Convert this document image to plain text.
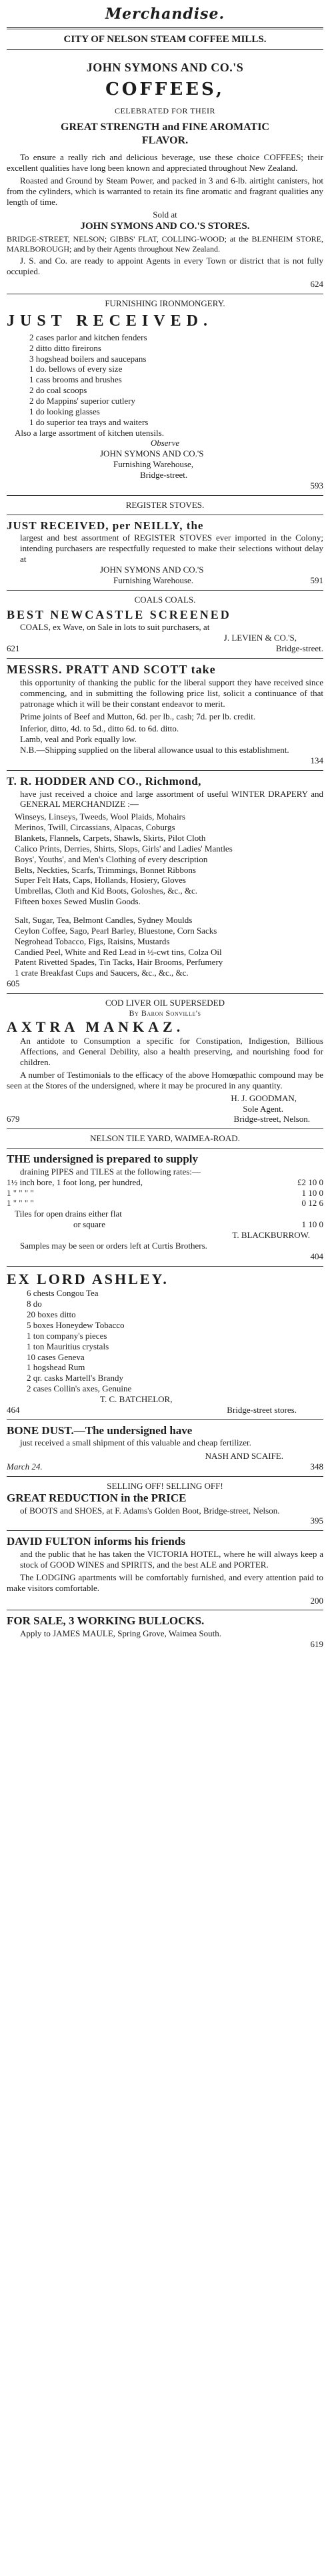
Merchandise.
CITY OF NELSON STEAM COFFEE MILLS.
JOHN SYMONS AND CO.'S
COFFEES,
CELEBRATED FOR THEIR
GREAT STRENGTH and FINE AROMATIC
FLAVOR.
To ensure a really rich and delicious beverage, use these choice COFFEES; their excellent qualities have long been known and appreciated throughout New Zealand.
Roasted and Ground by Steam Power, and packed in 3 and 6-lb. airtight canisters, hot from the cylinders, which is warranted to retain its fine aromatic and fragrant qualities any length of time.
Sold at
JOHN SYMONS AND CO.'S STORES.
BRIDGE-STREET, NELSON; GIBBS' FLAT, COLLING-WOOD; at the BLENHEIM STORE, MARLBOROUGH; and by their Agents throughout New Zealand.
J. S. and Co. are ready to appoint Agents in every Town or district that is not fully occupied.
624
FURNISHING IRONMONGERY.
JUST RECEIVED.
2 cases parlor and kitchen fenders
2 ditto ditto fireirons
3 hogshead boilers and saucepans
1 do. bellows of every size
1 cass brooms and brushes
2 do coal scoops
2 do Mappins' superior cutlery
1 do looking glasses
1 do superior tea trays and waiters
Also a large assortment of kitchen utensils.
Observe
JOHN SYMONS AND CO.'S
Furnishing Warehouse,
Bridge-street.
593
REGISTER STOVES.
JUST RECEIVED, per NEILLY, the
largest and best assortment of REGISTER STOVES ever imported in the Colony; intending purchasers are respectfully requested to make their selections without delay at
JOHN SYMONS AND CO.'S
Furnishing Warehouse.	591
COALS COALS.
BEST NEWCASTLE SCREENED
COALS, ex Wave, on Sale in lots to suit purchasers, at
J. LEVIEN & CO.'S,
621	Bridge-street.
MESSRS. PRATT AND SCOTT take
this opportunity of thanking the public for the liberal support they have received since commencing, and in submitting the following price list, solicit a continuance of that patronage which it will be their constant endeavor to merit.
Prime joints of Beef and Mutton, 6d. per lb., cash; 7d. per lb. credit.
Inferior, ditto, 4d. to 5d., ditto 6d. to 6d. ditto.
Lamb, veal and Pork equally low.
N.B.—Shipping supplied on the liberal allowance usual to this establishment.
134
T. R. HODDER AND CO., Richmond,
have just received a choice and large assortment of useful WINTER DRAPERY and GENERAL MERCHANDIZE :—
Winseys, Linseys, Tweeds, Wool Plaids, Mohairs
Merinos, Twill, Circassians, Alpacas, Coburgs
Blankets, Flannels, Carpets, Shawls, Skirts, Pilot Cloth
Calico Prints, Derries, Shirts, Slops, Girls' and Ladies' Mantles
Boys', Youths', and Men's Clothing of every description
Belts, Neckties, Scarfs, Trimmings, Bonnet Ribbons
Super Felt Hats, Caps, Hollands, Hosiery, Gloves
Umbrellas, Cloth and Kid Boots, Goloshes, &c., &c.
Fifteen boxes Sewed Muslin Goods.
Salt, Sugar, Tea, Belmont Candles, Sydney Moulds
Ceylon Coffee, Sago, Pearl Barley, Bluestone, Corn Sacks
Negrohead Tobacco, Figs, Raisins, Mustards
Candied Peel, White and Red Lead in ½-cwt tins, Colza Oil
Patent Rivetted Spades, Tin Tacks, Hair Brooms, Perfumery
1 crate Breakfast Cups and Saucers, &c., &c., &c.
605
COD LIVER OIL SUPERSEDED
By Baron Sonville's
AXTRA MANKAZ.
An antidote to Consumption a specific for Constipation, Indigestion, Billious Affections, and General Debility, also a health preserving, and nourishing food for children.
A number of Testimonials to the efficacy of the above Homœpathic compound may be seen at the Stores of the undersigned, where it may be procured in any quantity.
H. J. GOODMAN,
Sole Agent.
679	Bridge-street, Nelson.
NELSON TILE YARD, WAIMEA-ROAD.
THE undersigned is prepared to supply
draining PIPES and TILES at the following rates:—
1½ inch bore, 1 foot long, per hundred,	£2 10 0
1 " " " "	1 10 0
1 " " " "	0 12 6
Tiles for open drains either flat
or square	1 10 0
T. BLACKBURROW.
Samples may be seen or orders left at Curtis Brothers.
404
EX LORD ASHLEY.
6 chests Congou Tea
8 do
20 boxes ditto
5 boxes Honeydew Tobacco
1 ton company's pieces
1 ton Mauritius crystals
10 cases Geneva
1 hogshead Rum
2 qr. casks Martell's Brandy
2 cases Collin's axes, Genuine
T. C. BATCHELOR,
464	Bridge-street stores.
BONE DUST.—The undersigned have
just received a small shipment of this valuable and cheap fertilizer.
NASH AND SCAIFE.
March 24.	348
SELLING OFF! SELLING OFF!
GREAT REDUCTION in the PRICE
of BOOTS and SHOES, at F. Adams's Golden Boot, Bridge-street, Nelson.
395
DAVID FULTON informs his friends
and the public that he has taken the VICTORIA HOTEL, where he will always keep a stock of GOOD WINES and SPIRITS, and the best ALE and PORTER.
The LODGING apartments will be comfortably furnished, and every attention paid to make visitors comfortable.
200
FOR SALE, 3 WORKING BULLOCKS.
Apply to JAMES MAULE, Spring Grove, Waimea South.
619
